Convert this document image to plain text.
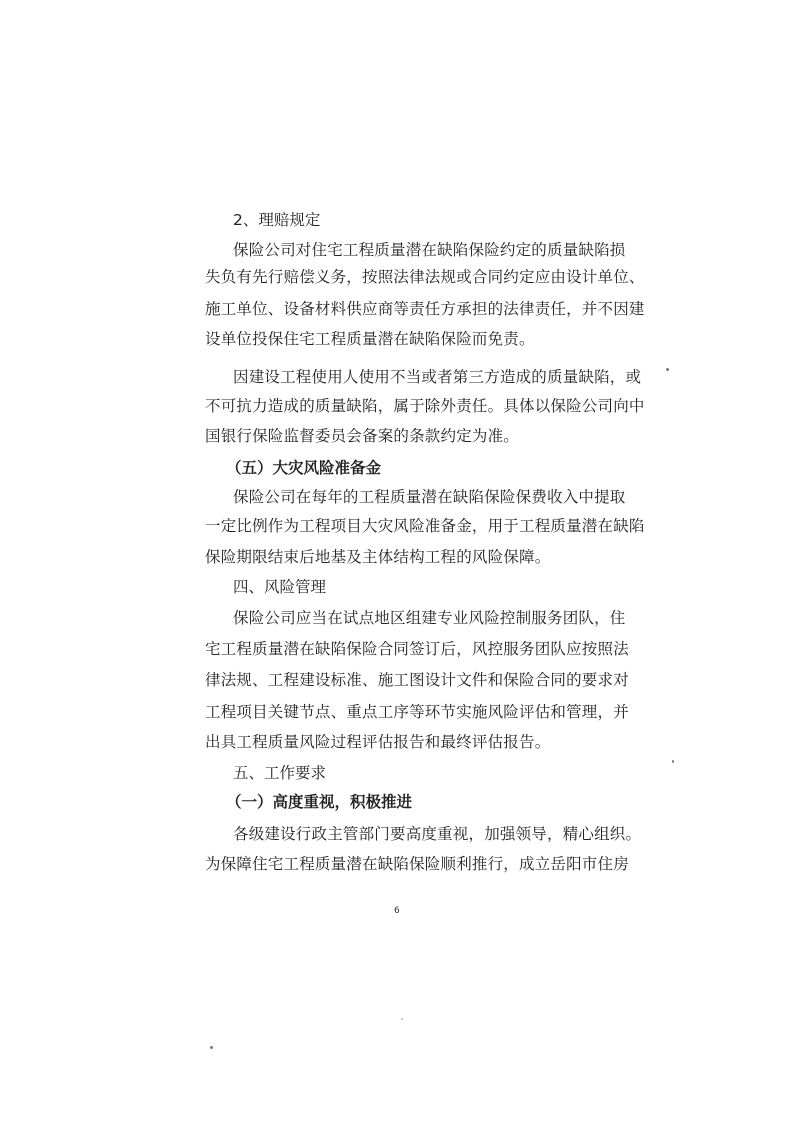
2、理赔规定
保险公司对住宅工程质量潜在缺陷保险约定的质量缺陷损
失负有先行赔偿义务，按照法律法规或合同约定应由设计单位、
施工单位、设备材料供应商等责任方承担的法律责任，并不因建
设单位投保住宅工程质量潜在缺陷保险而免责。
因建设工程使用人使用不当或者第三方造成的质量缺陷，或
不可抗力造成的质量缺陷，属于除外责任。具体以保险公司向中
国银行保险监督委员会备案的条款约定为准。
（五）大灾风险准备金
保险公司在每年的工程质量潜在缺陷保险保费收入中提取
一定比例作为工程项目大灾风险准备金，用于工程质量潜在缺陷
保险期限结束后地基及主体结构工程的风险保障。
四、风险管理
保险公司应当在试点地区组建专业风险控制服务团队，住
宅工程质量潜在缺陷保险合同签订后，风控服务团队应按照法
律法规、工程建设标准、施工图设计文件和保险合同的要求对
工程项目关键节点、重点工序等环节实施风险评估和管理，并
出具工程质量风险过程评估报告和最终评估报告。
五、工作要求
（一）高度重视，积极推进
各级建设行政主管部门要高度重视，加强领导，精心组织。
为保障住宅工程质量潜在缺陷保险顺利推行，成立岳阳市住房
6
